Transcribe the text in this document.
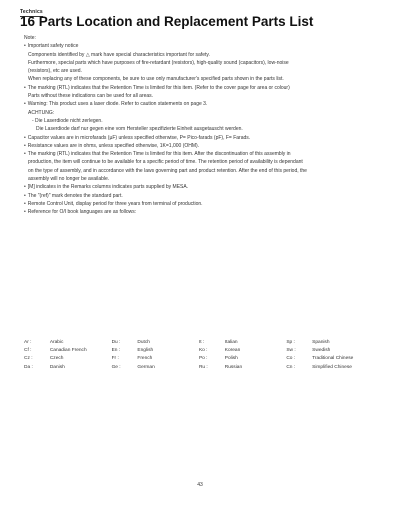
Technics
16 Parts Location and Replacement Parts List
Note:
• Important safety notice
Components identified by △ mark have special characteristics important for safety.
Furthermore, special parts which have purposes of fire-retardant (resistors), high-quality sound (capacitors), low-noise
(resistors), etc are used.
When replacing any of these components, be sure to use only manufacturer's specified parts shown in the parts list.
• The marking (RTL) indicates that the Retention Time is limited for this item. (Refer to the cover page for area or colour)
Parts without these indications can be used for all areas.
• Warning: This product uses a laser diode. Refer to caution statements on page 3.
ACHTUNG:
- Die Laserdiode nicht zerlegen.
Die Laserdiode darf nur gegen eine vom Hersteller spezifizierte Einheit ausgetauscht werden.
• Capacitor values are in microfarads (µF) unless specified otherwise, P= Pico-farads (pF), F= Farads.
• Resistance values are in ohms, unless specified otherwise, 1K=1,000 (OHM).
• The marking (RTL) indicates that the Retention Time is limited for this item. After the discontinuation of this assembly in
production, the item will continue to be available for a specific period of time. The retention period of availability is dependant
on the type of assembly, and in accordance with the laws governing part and product retention. After the end of this period, the
assembly will no longer be available.
• [M] indicates in the Remarks columns indicates parts supplied by MESA.
• The "(ref)" mark denotes the standard part.
• Remote Control Unit, display period for three years from terminal of production.
• Reference for O/I book languages are as follows:
Ar :	Arabic	Du :	Dutch	It :	Italian	Sp :	Spanish
Cf :	Canadian French	En :	English	Ko :	Korean	Sw :	Swedish
Cz :	Czech	Fr :	French	Po :	Polish	Co :	Traditional Chinese
Da :	Danish	Ge :	German	Ru :	Russian	Cn :	Simplified Chinese
43
